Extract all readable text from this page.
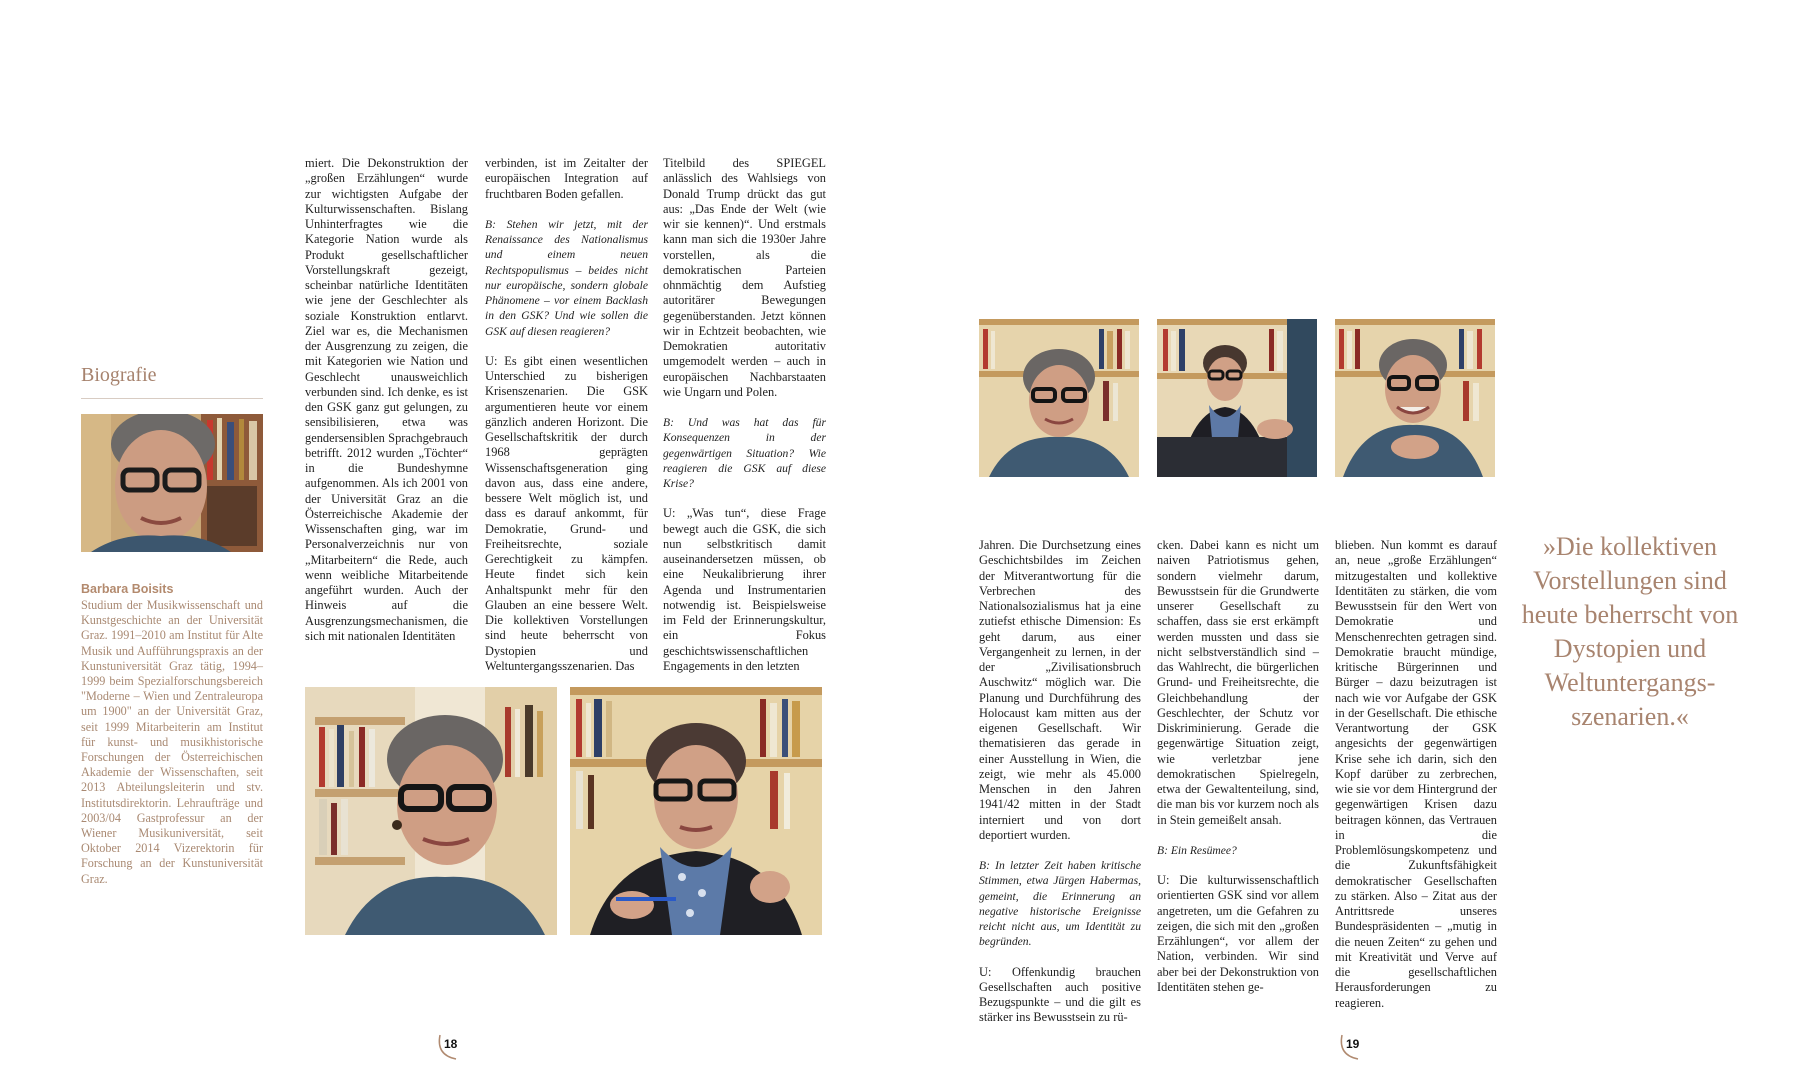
Biografie
Barbara Boisits
Studium der Musikwissenschaft und Kunstgeschichte an der Universität Graz. 1991–2010 am Institut für Alte Musik und Aufführungspraxis an der Kunstuniversität Graz tätig, 1994–1999 beim Spezialforschungsbereich "Moderne – Wien und Zentraleuropa um 1900" an der Universität Graz, seit 1999 Mitarbeiterin am Institut für kunst- und musikhistorische Forschungen der Österreichischen Akademie der Wissenschaften, seit 2013 Abteilungsleiterin und stv. Institutsdirektorin. Lehraufträge und 2003/04 Gastprofessur an der Wiener Musikuniversität, seit Oktober 2014 Vizerektorin für Forschung an der Kunstuniversität Graz.

miert. Die Dekonstruktion der „großen Erzählungen“ wurde zur wichtigsten Aufgabe der Kulturwissenschaften. Bislang Unhinterfragtes wie die Kategorie Nation wurde als Produkt gesellschaftlicher Vorstellungskraft gezeigt, scheinbar natürliche Identitäten wie jene der Geschlechter als soziale Konstruktion entlarvt. Ziel war es, die Mechanismen der Ausgrenzung zu zeigen, die mit Kategorien wie Nation und Geschlecht unausweichlich verbunden sind. Ich denke, es ist den GSK ganz gut gelungen, zu sensibilisieren, etwa was gendersensiblen Sprachgebrauch betrifft. 2012 wurden „Töchter“ in die Bundeshymne aufgenommen. Als ich 2001 von der Universität Graz an die Österreichische Akademie der Wissenschaften ging, war im Personalverzeichnis nur von „Mitarbeitern“ die Rede, auch wenn weibliche Mitarbeitende angeführt wurden. Auch der Hinweis auf die Ausgrenzungsmechanismen, die sich mit nationalen Identitäten

verbinden, ist im Zeitalter der europäischen Integration auf fruchtbaren Boden gefallen.

B: Stehen wir jetzt, mit der Renaissance des Nationalismus und einem neuen Rechtspopulismus – beides nicht nur europäische, sondern globale Phänomene – vor einem Backlash in den GSK? Und wie sollen die GSK auf diesen reagieren?

U: Es gibt einen wesentlichen Unterschied zu bisherigen Krisenszenarien. Die GSK argumentieren heute vor einem gänzlich anderen Horizont. Die Gesellschaftskritik der durch 1968 geprägten Wissenschaftsgeneration ging davon aus, dass eine andere, bessere Welt möglich ist, und dass es darauf ankommt, für Demokratie, Grund- und Freiheitsrechte, soziale Gerechtigkeit zu kämpfen. Heute findet sich kein Anhaltspunkt mehr für den Glauben an eine bessere Welt. Die kollektiven Vorstellungen sind heute beherrscht von Dystopien und Weltuntergangsszenarien. Das

Titelbild des SPIEGEL anlässlich des Wahlsiegs von Donald Trump drückt das gut aus: „Das Ende der Welt (wie wir sie kennen)“. Und erstmals kann man sich die 1930er Jahre vorstellen, als die demokratischen Parteien ohnmächtig dem Aufstieg autoritärer Bewegungen gegenüberstanden. Jetzt können wir in Echtzeit beobachten, wie Demokratien autoritativ umgemodelt werden – auch in europäischen Nachbarstaaten wie Ungarn und Polen.

B: Und was hat das für Konsequenzen in der gegenwärtigen Situation? Wie reagieren die GSK auf diese Krise?

U: „Was tun“, diese Frage bewegt auch die GSK, die sich nun selbstkritisch damit auseinandersetzen müssen, ob eine Neukalibrierung ihrer Agenda und Instrumentarien notwendig ist. Beispielsweise im Feld der Erinnerungskultur, ein Fokus geschichtswissenschaftlichen Engagements in den letzten

18

Jahren. Die Durchsetzung eines Geschichtsbildes im Zeichen der Mitverantwortung für die Verbrechen des Nationalsozialismus hat ja eine zutiefst ethische Dimension: Es geht darum, aus einer Vergangenheit zu lernen, in der der „Zivilisationsbruch Auschwitz“ möglich war. Die Planung und Durchführung des Holocaust kam mitten aus der eigenen Gesellschaft. Wir thematisieren das gerade in einer Ausstellung in Wien, die zeigt, wie mehr als 45.000 Menschen in den Jahren 1941/42 mitten in der Stadt interniert und von dort deportiert wurden.

B: In letzter Zeit haben kritische Stimmen, etwa Jürgen Habermas, gemeint, die Erinnerung an negative historische Ereignisse reicht nicht aus, um Identität zu begründen.

U: Offenkundig brauchen Gesellschaften auch positive Bezugspunkte – und die gilt es stärker ins Bewusstsein zu rü-

cken. Dabei kann es nicht um naiven Patriotismus gehen, sondern vielmehr darum, Bewusstsein für die Grundwerte unserer Gesellschaft zu schaffen, dass sie erst erkämpft werden mussten und dass sie nicht selbstverständlich sind – das Wahlrecht, die bürgerlichen Grund- und Freiheitsrechte, die Gleichbehandlung der Geschlechter, der Schutz vor Diskriminierung. Gerade die gegenwärtige Situation zeigt, wie verletzbar jene demokratischen Spielregeln, etwa der Gewaltenteilung, sind, die man bis vor kurzem noch als in Stein gemeißelt ansah.

B: Ein Resümee?

U: Die kulturwissenschaftlich orientierten GSK sind vor allem angetreten, um die Gefahren zu zeigen, die sich mit den „großen Erzählungen“, vor allem der Nation, verbinden. Wir sind aber bei der Dekonstruktion von Identitäten stehen ge-

blieben. Nun kommt es darauf an, neue „große Erzählungen“ mitzugestalten und kollektive Identitäten zu stärken, die vom Bewusstsein für den Wert von Demokratie und Menschenrechten getragen sind. Demokratie braucht mündige, kritische Bürgerinnen und Bürger – dazu beizutragen ist nach wie vor Aufgabe der GSK in der Gesellschaft. Die ethische Verantwortung der GSK angesichts der gegenwärtigen Krise sehe ich darin, sich den Kopf darüber zu zerbrechen, wie sie vor dem Hintergrund der gegenwärtigen Krisen dazu beitragen können, das Vertrauen in die Problemlösungskompetenz und die Zukunftsfähigkeit demokratischer Gesellschaften zu stärken. Also – Zitat aus der Antrittsrede unseres Bundespräsidenten – „mutig in die neuen Zeiten“ zu gehen und mit Kreativität und Verve auf die gesellschaftlichen Herausforderungen zu reagieren.

»Die kollektiven Vorstellungen sind heute beherrscht von Dystopien und Weltuntergangs-szenarien.«
19
